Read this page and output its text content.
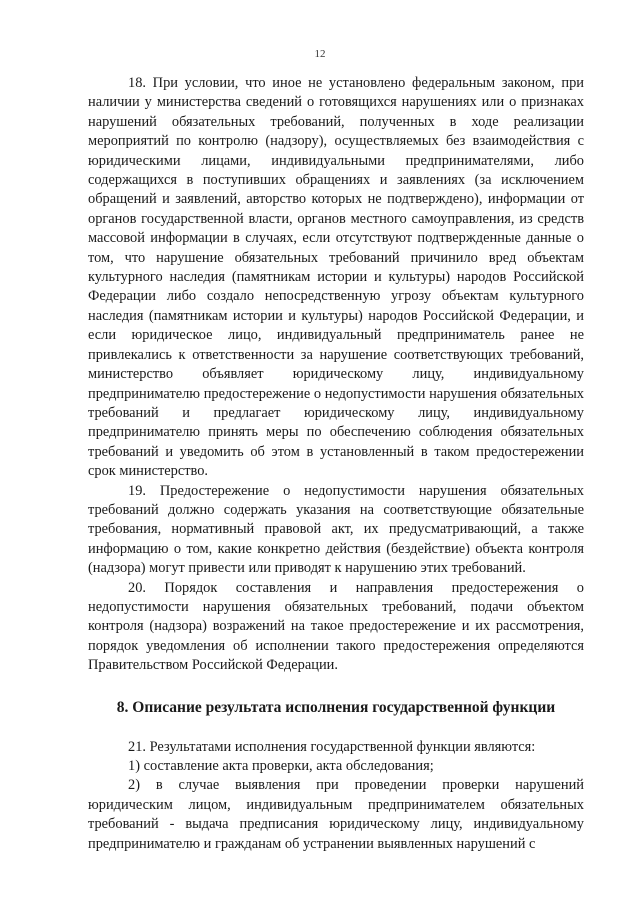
12

18. При условии, что иное не установлено федеральным законом, при наличии у министерства сведений о готовящихся нарушениях или о признаках нарушений обязательных требований, полученных в ходе реализации мероприятий по контролю (надзору), осуществляемых без взаимодействия с юридическими лицами, индивидуальными предпринимателями, либо содержащихся в поступивших обращениях и заявлениях (за исключением обращений и заявлений, авторство которых не подтверждено), информации от органов государственной власти, органов местного самоуправления, из средств массовой информации в случаях, если отсутствуют подтвержденные данные о том, что нарушение обязательных требований причинило вред объектам культурного наследия (памятникам истории и культуры) народов Российской Федерации либо создало непосредственную угрозу объектам культурного наследия (памятникам истории и культуры) народов Российской Федерации, и если юридическое лицо, индивидуальный предприниматель ранее не привлекались к ответственности за нарушение соответствующих требований, министерство объявляет юридическому лицу, индивидуальному предпринимателю предостережение о недопустимости нарушения обязательных требований и предлагает юридическому лицу, индивидуальному предпринимателю принять меры по обеспечению соблюдения обязательных требований и уведомить об этом в установленный в таком предостережении срок министерство.

19. Предостережение о недопустимости нарушения обязательных требований должно содержать указания на соответствующие обязательные требования, нормативный правовой акт, их предусматривающий, а также информацию о том, какие конкретно действия (бездействие) объекта контроля (надзора) могут привести или приводят к нарушению этих требований.

20. Порядок составления и направления предостережения о недопустимости нарушения обязательных требований, подачи объектом контроля (надзора) возражений на такое предостережение и их рассмотрения, порядок уведомления об исполнении такого предостережения определяются Правительством Российской Федерации.

8. Описание результата исполнения государственной функции

21. Результатами исполнения государственной функции являются:

1) составление акта проверки, акта обследования;

2) в случае выявления при проведении проверки нарушений юридическим лицом, индивидуальным предпринимателем обязательных требований - выдача предписания юридическому лицу, индивидуальному предпринимателю и гражданам об устранении выявленных нарушений с
